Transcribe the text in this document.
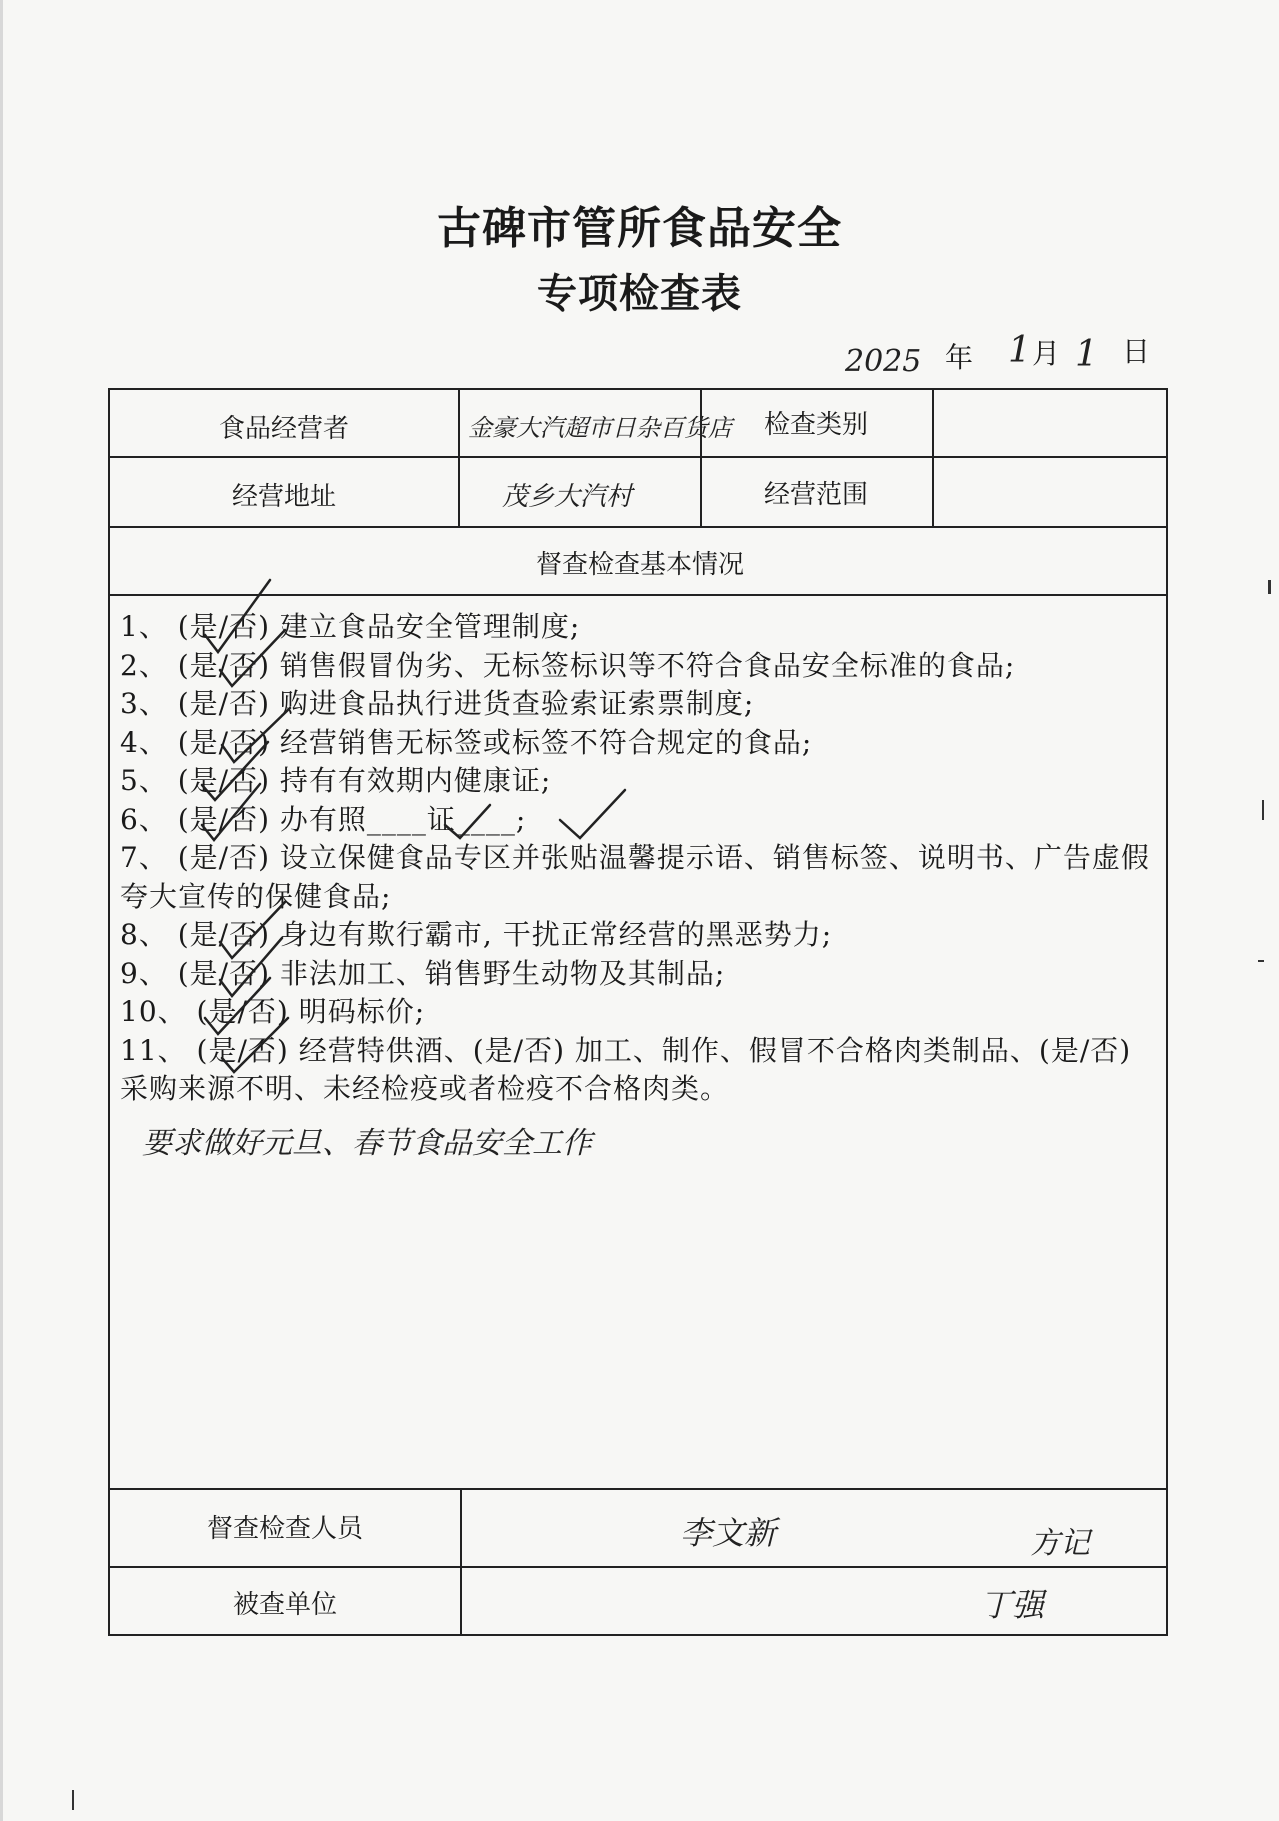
古碑市管所食品安全
专项检查表
2025 年 1 月 1 日
食品经营者	金豪大汽超市日杂百货店	检查类别
经营地址	茂乡大汽村	经营范围
督查检查基本情况
1、 (是/否) 建立食品安全管理制度;
2、 (是/否) 销售假冒伪劣、无标签标识等不符合食品安全标准的食品;
3、 (是/否) 购进食品执行进货查验索证索票制度;
4、 (是/否) 经营销售无标签或标签不符合规定的食品;
5、 (是/否) 持有有效期内健康证;
6、 (是/否) 办有照____证____;
7、 (是/否) 设立保健食品专区并张贴温馨提示语、销售标签、说明书、广告虚假夸大宣传的保健食品;
8、 (是/否) 身边有欺行霸市, 干扰正常经营的黑恶势力;
9、 (是/否) 非法加工、销售野生动物及其制品;
10、 (是/否) 明码标价;
11、 (是/否) 经营特供酒、(是/否) 加工、制作、假冒不合格肉类制品、(是/否) 采购来源不明、未经检疫或者检疫不合格肉类。
要求做好元旦、春节食品安全工作
督查检查人员	李文新	方记
被查单位	丁强
